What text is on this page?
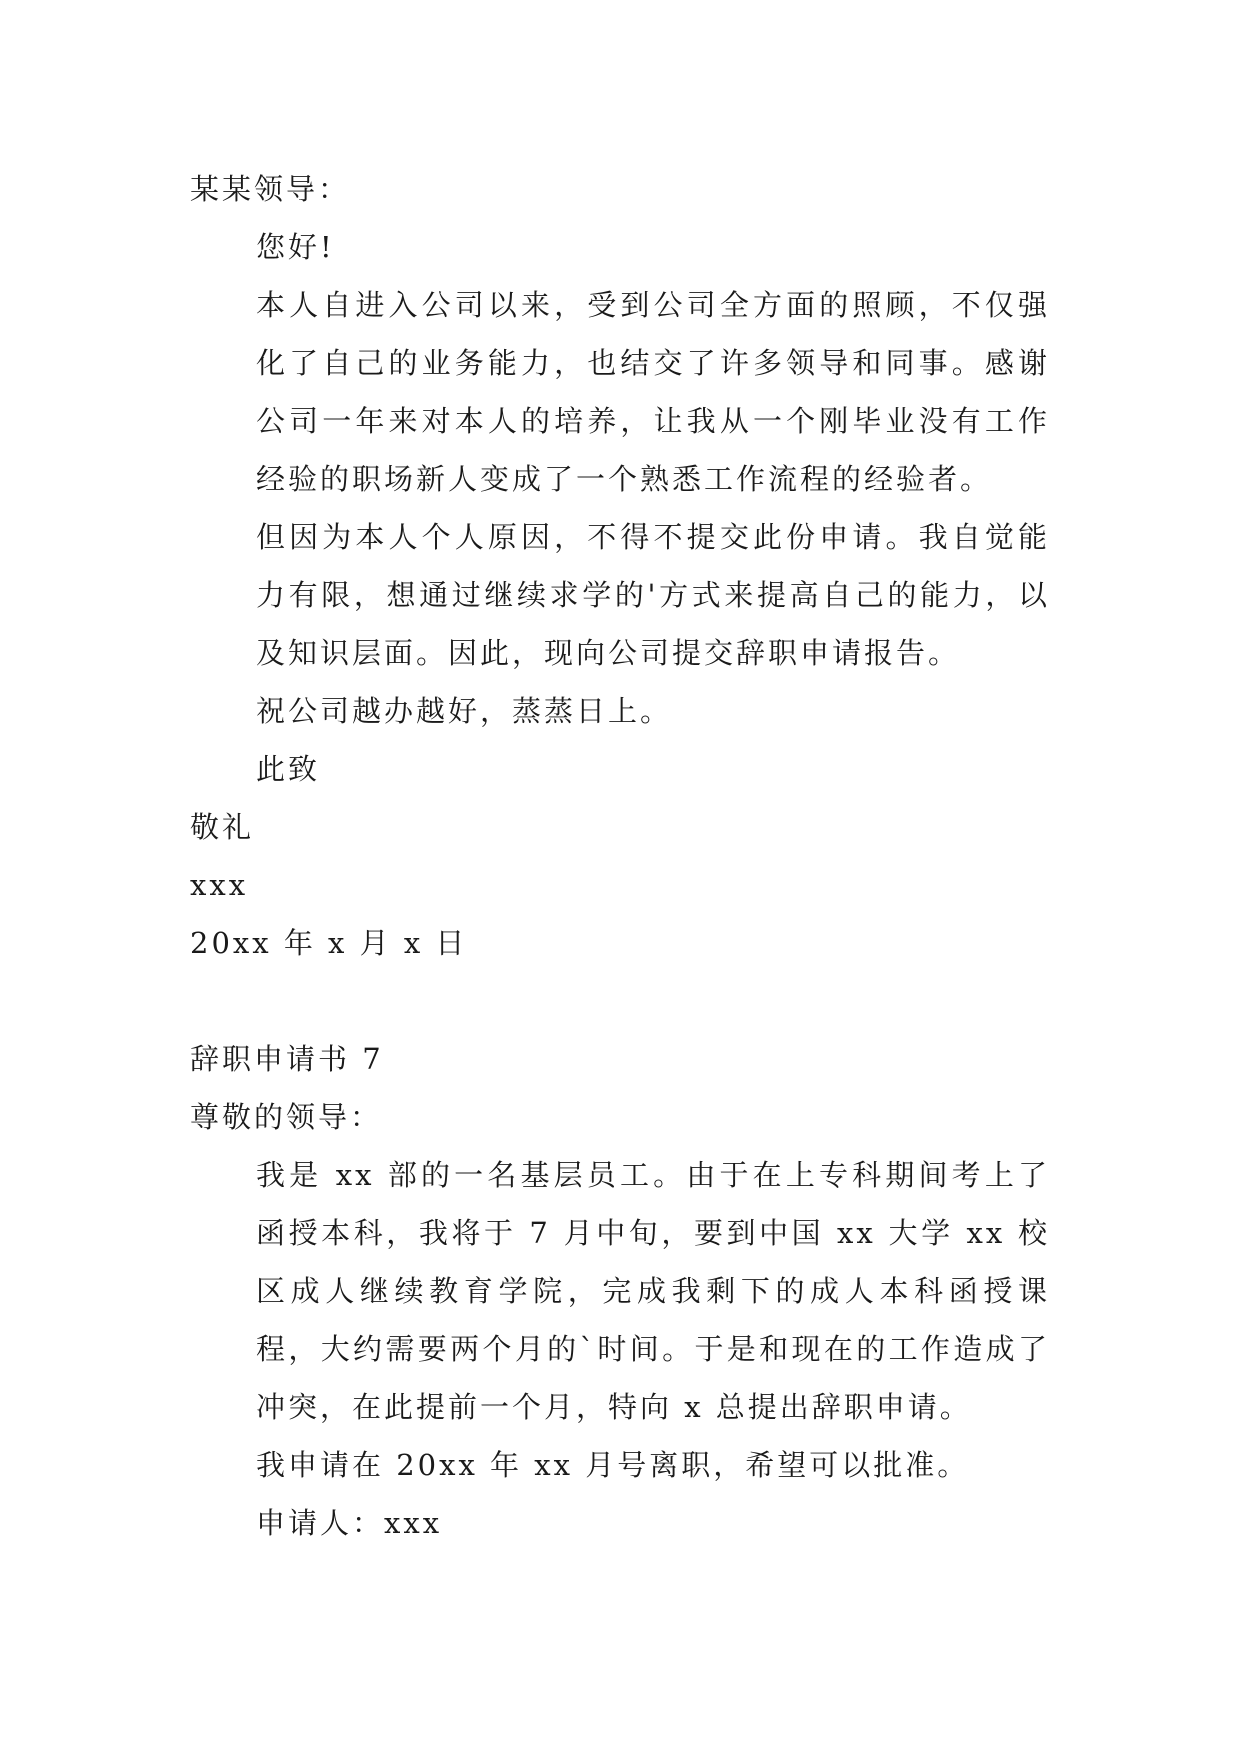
某某领导：
您好!

本人自进入公司以来，受到公司全方面的照顾，不仅强化了自己的业务能力，也结交了许多领导和同事。感谢公司一年来对本人的培养，让我从一个刚毕业没有工作经验的职场新人变成了一个熟悉工作流程的经验者。

但因为本人个人原因，不得不提交此份申请。我自觉能力有限，想通过继续求学的'方式来提高自己的能力，以及知识层面。因此，现向公司提交辞职申请报告。

祝公司越办越好，蒸蒸日上。
此致
敬礼
xxx
20xx 年 x 月 x 日
辞职申请书 7
尊敬的领导：

我是 xx 部的一名基层员工。由于在上专科期间考上了函授本科，我将于 7 月中旬，要到中国 xx 大学 xx 校区成人继续教育学院，完成我剩下的成人本科函授课程，大约需要两个月的`时间。于是和现在的工作造成了冲突，在此提前一个月，特向 x 总提出辞职申请。

我申请在 20xx 年 xx 月号离职，希望可以批准。
申请人：xxx
